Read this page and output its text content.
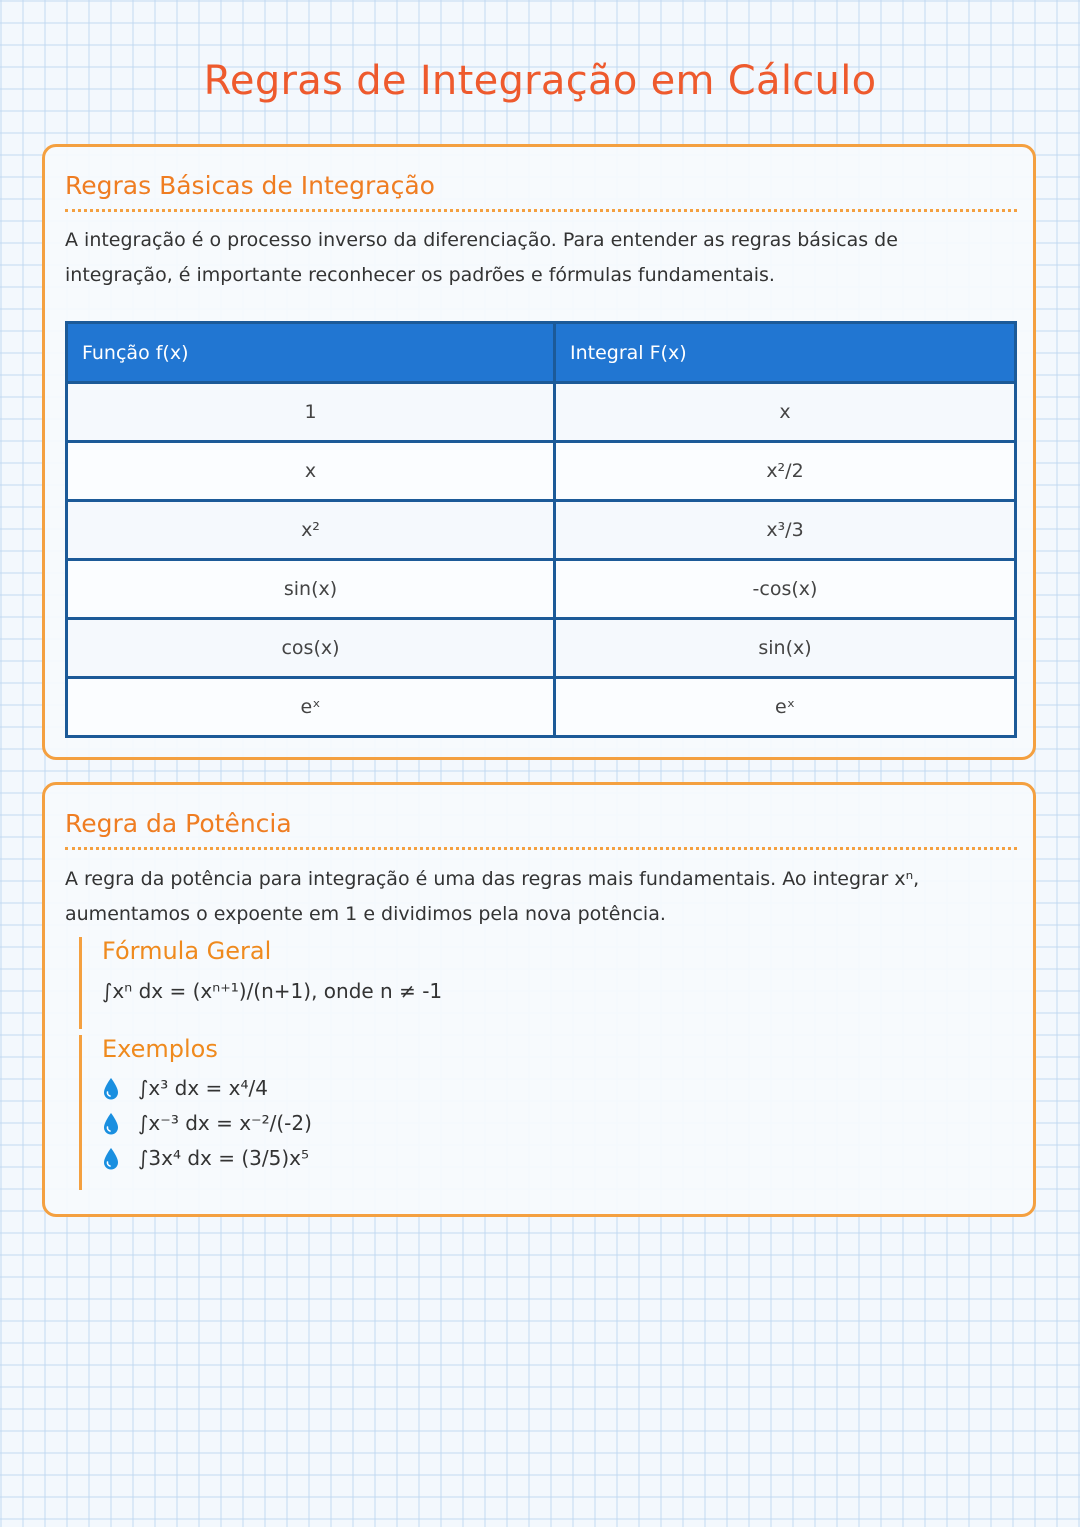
Regras de Integração em Cálculo
Regras Básicas de Integração

A integração é o processo inverso da diferenciação. Para entender as regras básicas de integração, é importante reconhecer os padrões e fórmulas fundamentais.

Função f(x)	Integral F(x)
1	x
x	x²/2
x²	x³/3
sin(x)	-cos(x)
cos(x)	sin(x)
eˣ	eˣ
Regra da Potência

A regra da potência para integração é uma das regras mais fundamentais. Ao integrar xⁿ, aumentamos o expoente em 1 e dividimos pela nova potência.

Fórmula Geral

∫xⁿ dx = (xⁿ⁺¹)/(n+1), onde n ≠ -1

Exemplos
∫x³ dx = x⁴/4
∫x⁻³ dx = x⁻²/(-2)
∫3x⁴ dx = (3/5)x⁵
